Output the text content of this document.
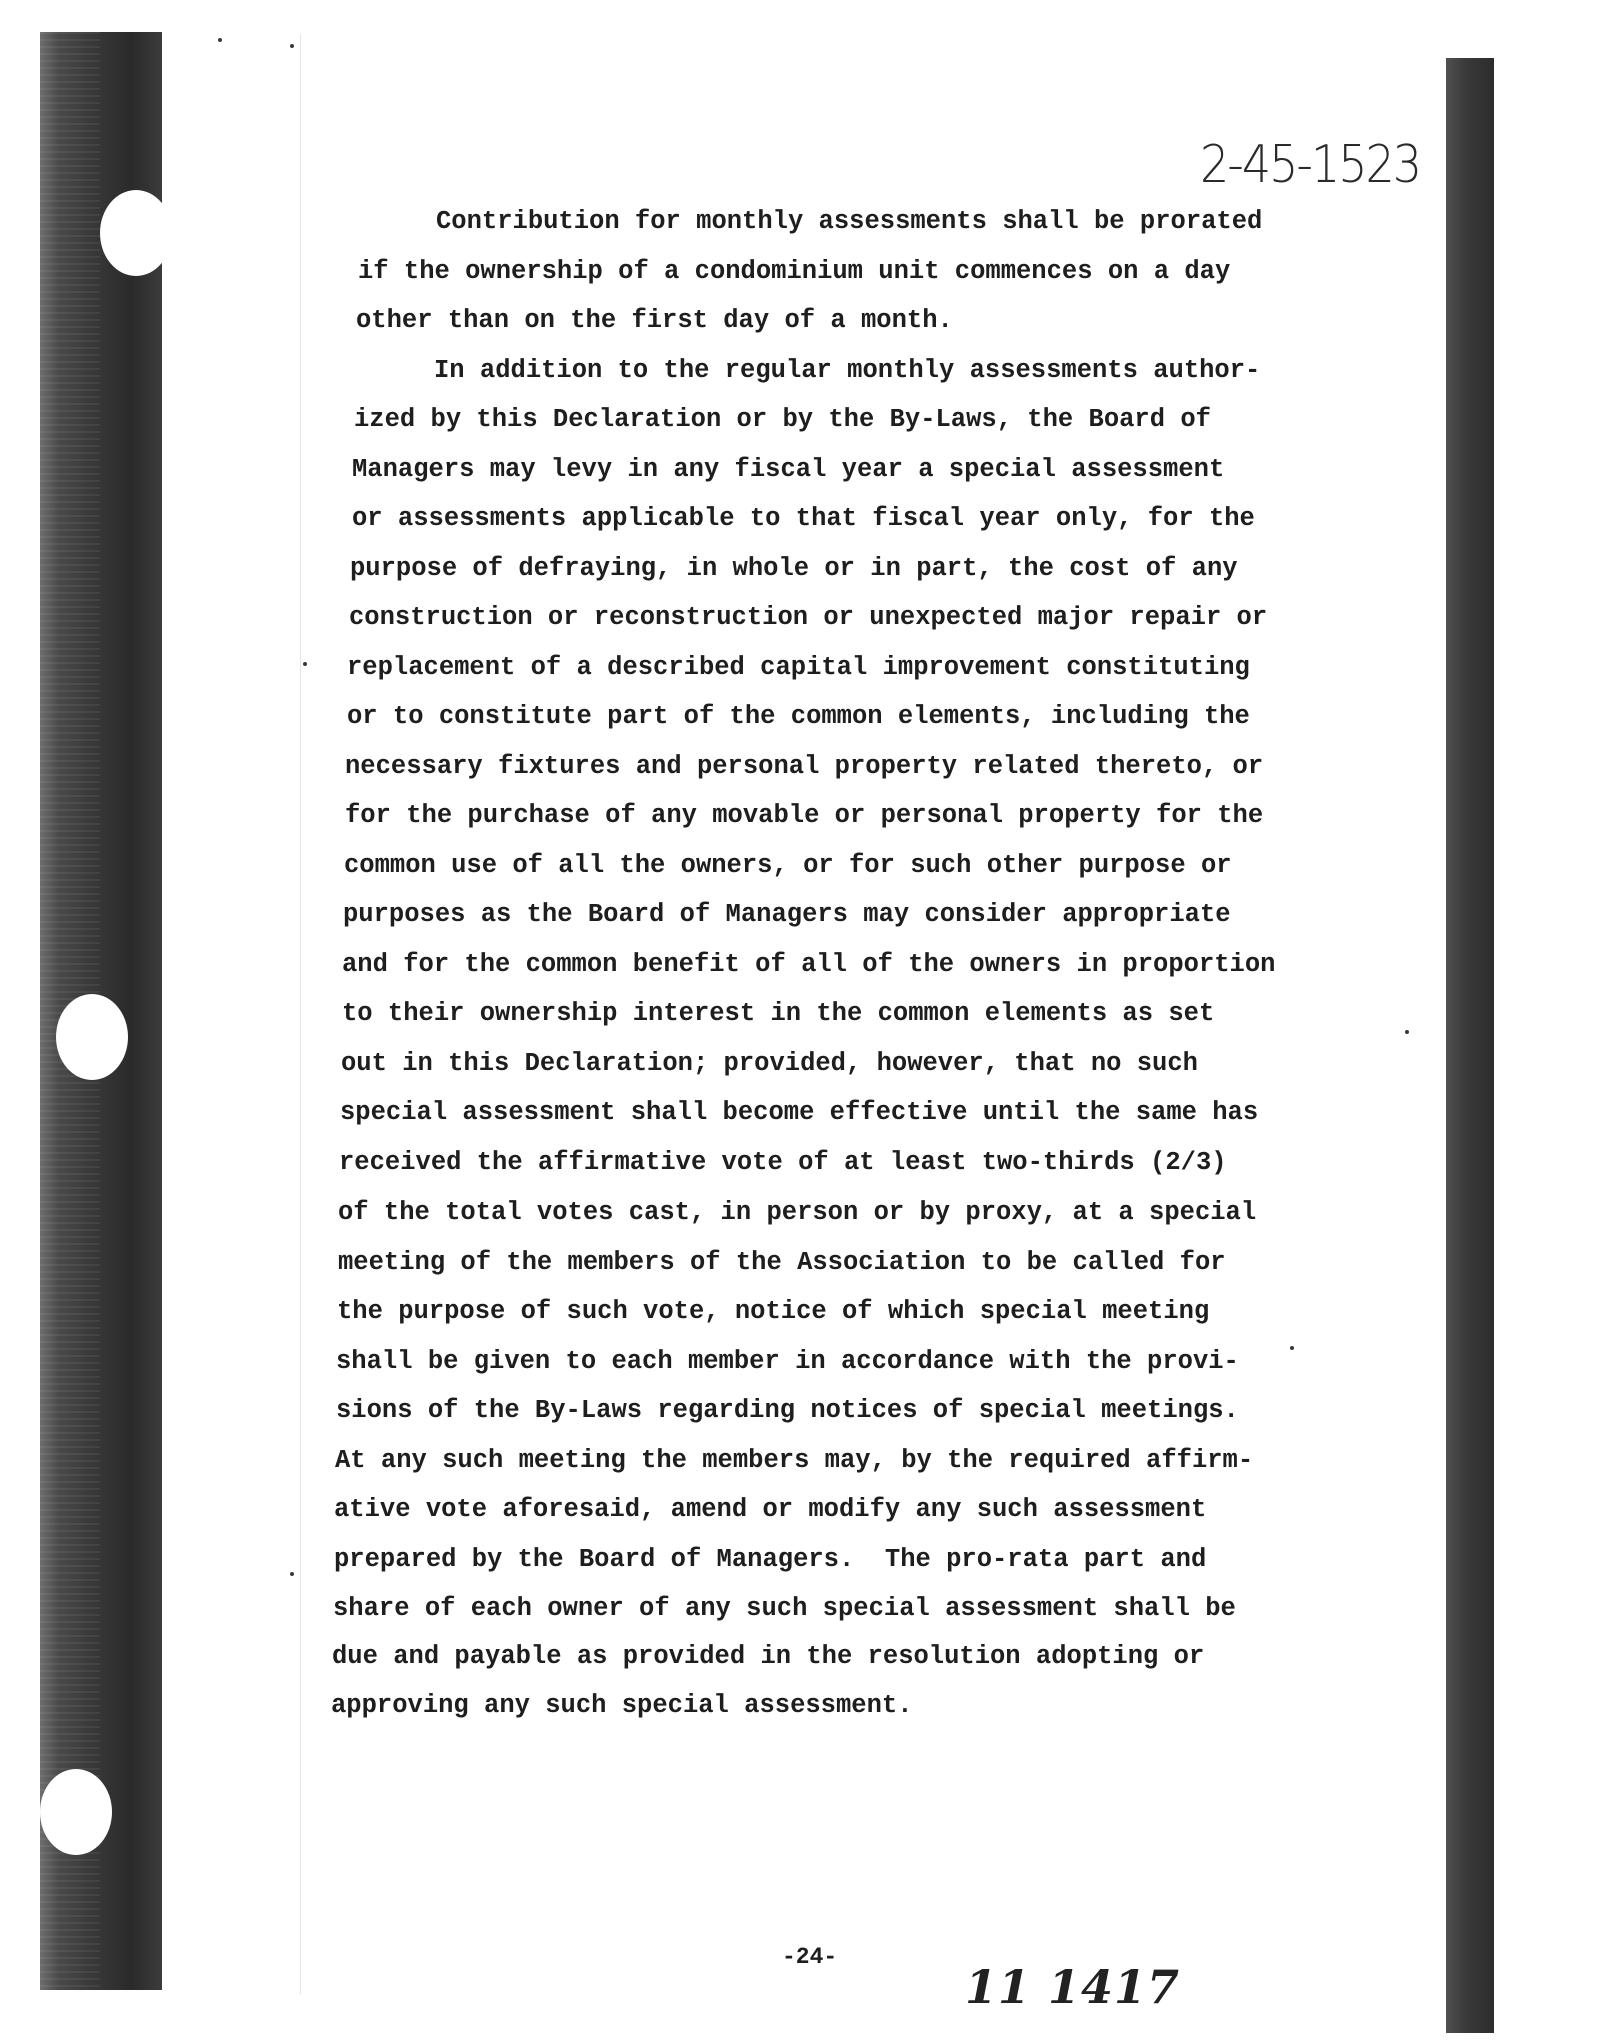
2-45-1523
Contribution for monthly assessments shall be prorated
if the ownership of a condominium unit commences on a day
other than on the first day of a month.
In addition to the regular monthly assessments author-
ized by this Declaration or by the By-Laws, the Board of
Managers may levy in any fiscal year a special assessment
or assessments applicable to that fiscal year only, for the
purpose of defraying, in whole or in part, the cost of any
construction or reconstruction or unexpected major repair or
replacement of a described capital improvement constituting
or to constitute part of the common elements, including the
necessary fixtures and personal property related thereto, or
for the purchase of any movable or personal property for the
common use of all the owners, or for such other purpose or
purposes as the Board of Managers may consider appropriate
and for the common benefit of all of the owners in proportion
to their ownership interest in the common elements as set
out in this Declaration; provided, however, that no such
special assessment shall become effective until the same has
received the affirmative vote of at least two-thirds (2/3)
of the total votes cast, in person or by proxy, at a special
meeting of the members of the Association to be called for
the purpose of such vote, notice of which special meeting
shall be given to each member in accordance with the provi-
sions of the By-Laws regarding notices of special meetings.
At any such meeting the members may, by the required affirm-
ative vote aforesaid, amend or modify any such assessment
prepared by the Board of Managers.  The pro-rata part and
share of each owner of any such special assessment shall be
due and payable as provided in the resolution adopting or
approving any such special assessment.
-24-
11 1417
